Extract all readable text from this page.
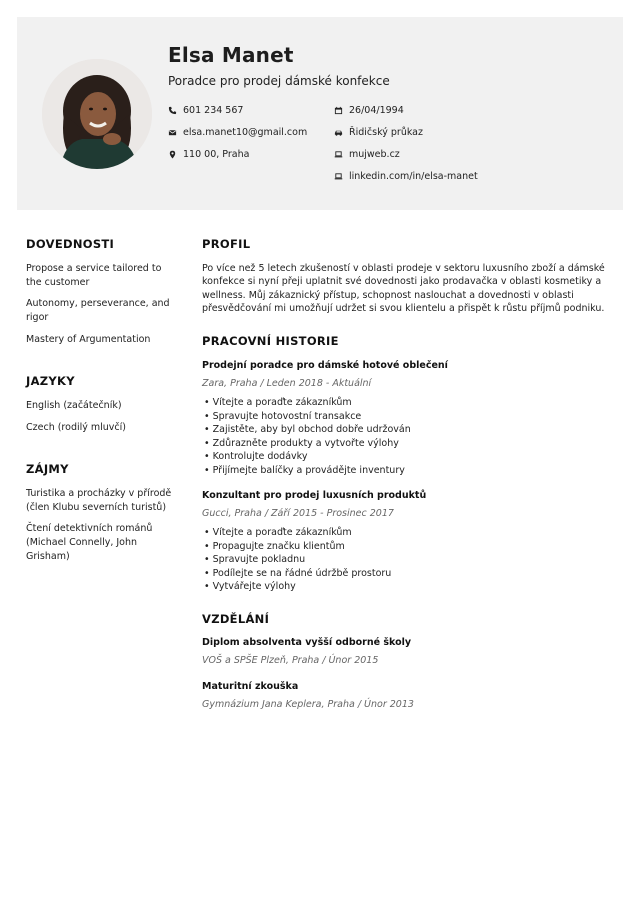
Elsa Manet
Poradce pro prodej dámské konfekce
601 234 567
elsa.manet10@gmail.com
110 00, Praha
26/04/1994
Řidičský průkaz
mujweb.cz
linkedin.com/in/elsa-manet
DOVEDNOSTI
Propose a service tailored to the customer
Autonomy, perseverance, and rigor
Mastery of Argumentation
JAZYKY
English (začátečník)
Czech (rodilý mluvčí)
ZÁJMY
Turistika a procházky v přírodě (člen Klubu severních turistů)
Čtení detektivních románů (Michael Connelly, John Grisham)
PROFIL
Po více než 5 letech zkušeností v oblasti prodeje v sektoru luxusního zboží a dámské konfekce si nyní přeji uplatnit své dovednosti jako prodavačka v oblasti kosmetiky a wellness. Můj zákaznický přístup, schopnost naslouchat a dovednosti v oblasti přesvědčování mi umožňují udržet si svou klientelu a přispět k růstu příjmů podniku.
PRACOVNÍ HISTORIE
Prodejní poradce pro dámské hotové oblečení
Zara, Praha / Leden 2018 - Aktuální
• Vítejte a poraďte zákazníkům
• Spravujte hotovostní transakce
• Zajistěte, aby byl obchod dobře udržován
• Zdůrazněte produkty a vytvořte výlohy
• Kontrolujte dodávky
• Přijímejte balíčky a provádějte inventury
Konzultant pro prodej luxusních produktů
Gucci, Praha / Září 2015 - Prosinec 2017
• Vítejte a poraďte zákazníkům
• Propagujte značku klientům
• Spravujte pokladnu
• Podílejte se na řádné údržbě prostoru
• Vytvářejte výlohy
VZDĚLÁNÍ
Diplom absolventa vyšší odborné školy
VOŠ a SPŠE Plzeň, Praha / Únor 2015
Maturitní zkouška
Gymnázium Jana Keplera, Praha / Únor 2013
